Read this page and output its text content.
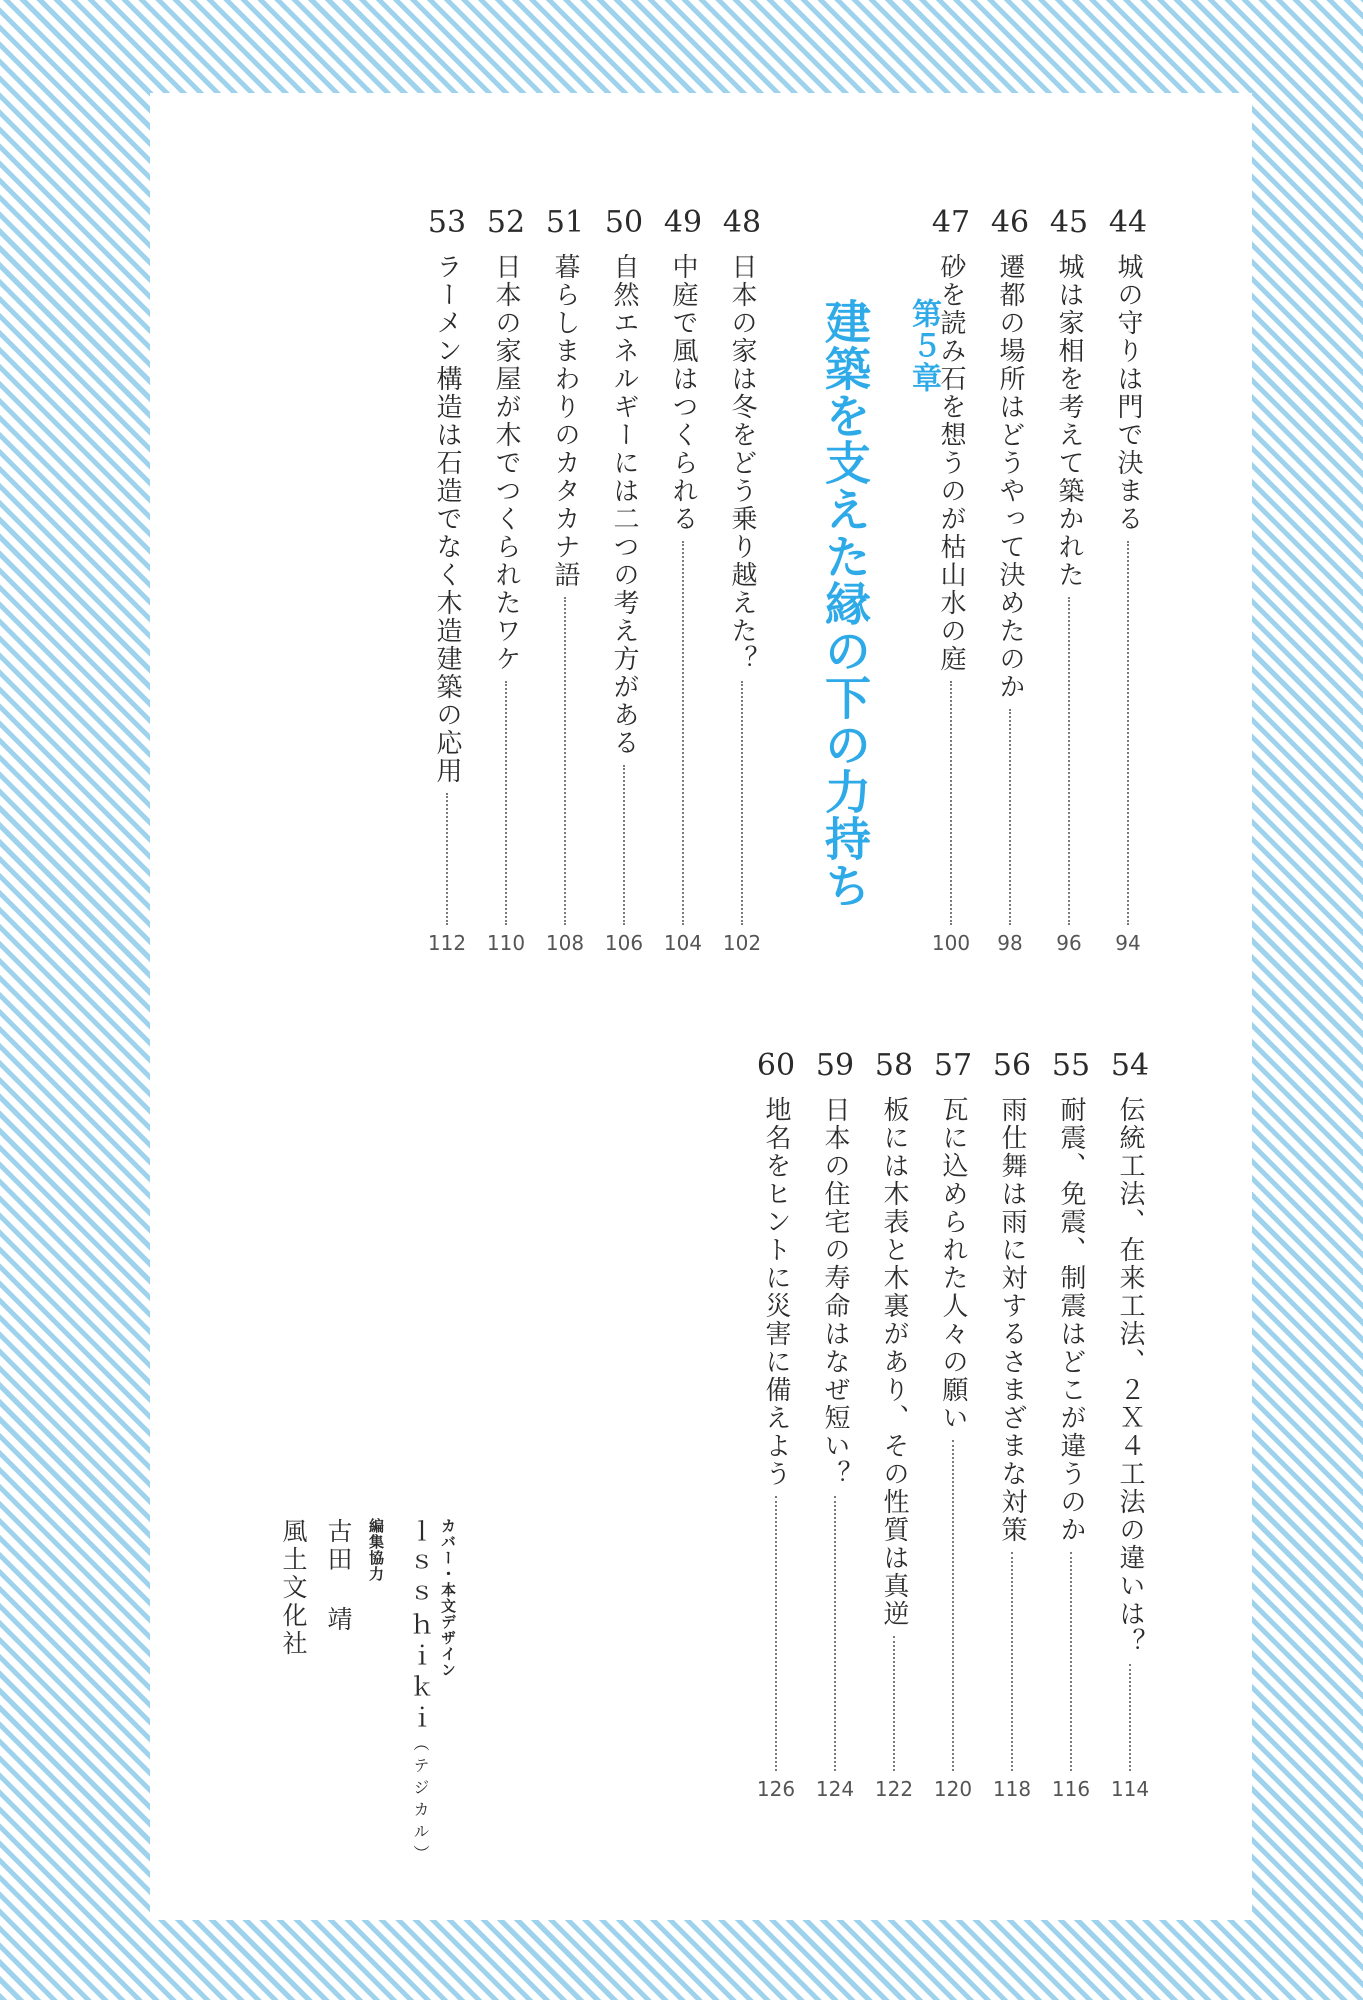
44
城の守りは門で決まる
94
45
城は家相を考えて築かれた
96
46
遷都の場所はどうやって決めたのか
98
47
砂を読み石を想うのが枯山水の庭
100
第５章
建築を支えた縁の下の力持ち
48
日本の家は冬をどう乗り越えた？
102
49
中庭で風はつくられる
104
50
自然エネルギーには二つの考え方がある
106
51
暮らしまわりのカタカナ語
108
52
日本の家屋が木でつくられたワケ
110
53
ラーメン構造は石造でなく木造建築の応用
112
54
伝統工法、在来工法、２Ｘ４工法の違いは？
114
55
耐震、免震、制震はどこが違うのか
116
56
雨仕舞は雨に対するさまざまな対策
118
57
瓦に込められた人々の願い
120
58
板には木表と木裏があり、その性質は真逆
122
59
日本の住宅の寿命はなぜ短い？
124
60
地名をヒントに災害に備えよう
126
カバー・本文デザイン
ｌｓｓｈｉｋｉ（テジカル）
編集協力
古田 靖
風土文化社
